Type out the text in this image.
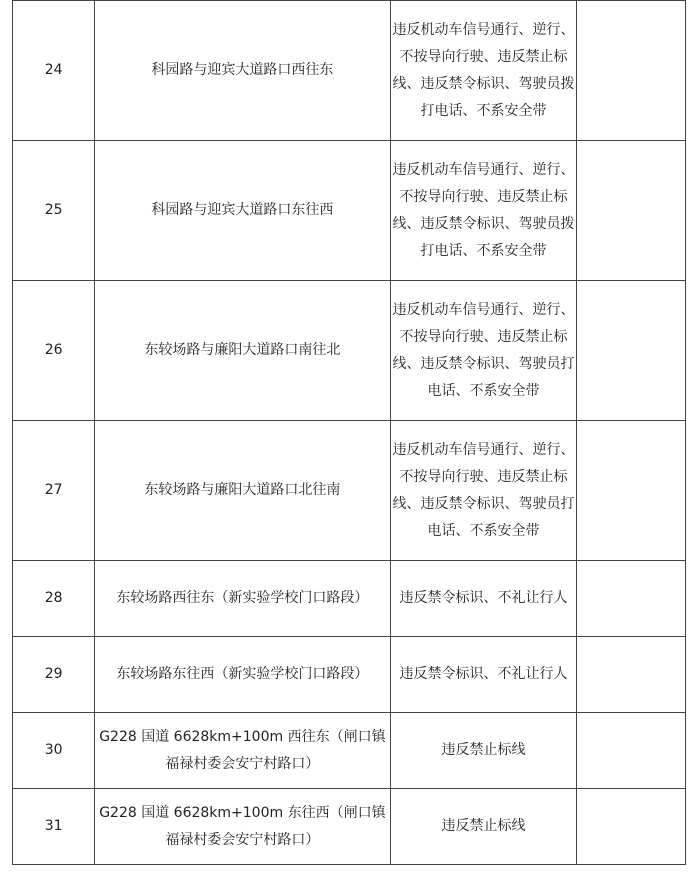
24	科园路与迎宾大道路口西往东	违反机动车信号通行、逆行、不按导向行驶、违反禁止标线、违反禁令标识、驾驶员拨打电话、不系安全带	
25	科园路与迎宾大道路口东往西	违反机动车信号通行、逆行、不按导向行驶、违反禁止标线、违反禁令标识、驾驶员拨打电话、不系安全带	
26	东较场路与廉阳大道路口南往北	违反机动车信号通行、逆行、不按导向行驶、违反禁止标线、违反禁令标识、驾驶员打电话、不系安全带	
27	东较场路与廉阳大道路口北往南	违反机动车信号通行、逆行、不按导向行驶、违反禁止标线、违反禁令标识、驾驶员打电话、不系安全带	
28	东较场路西往东（新实验学校门口路段）	违反禁令标识、不礼让行人	
29	东较场路东往西（新实验学校门口路段）	违反禁令标识、不礼让行人	
30	G228 国道 6628km+100m 西往东（闸口镇福禄村委会安宁村路口）	违反禁止标线	
31	G228 国道 6628km+100m 东往西（闸口镇福禄村委会安宁村路口）	违反禁止标线	
